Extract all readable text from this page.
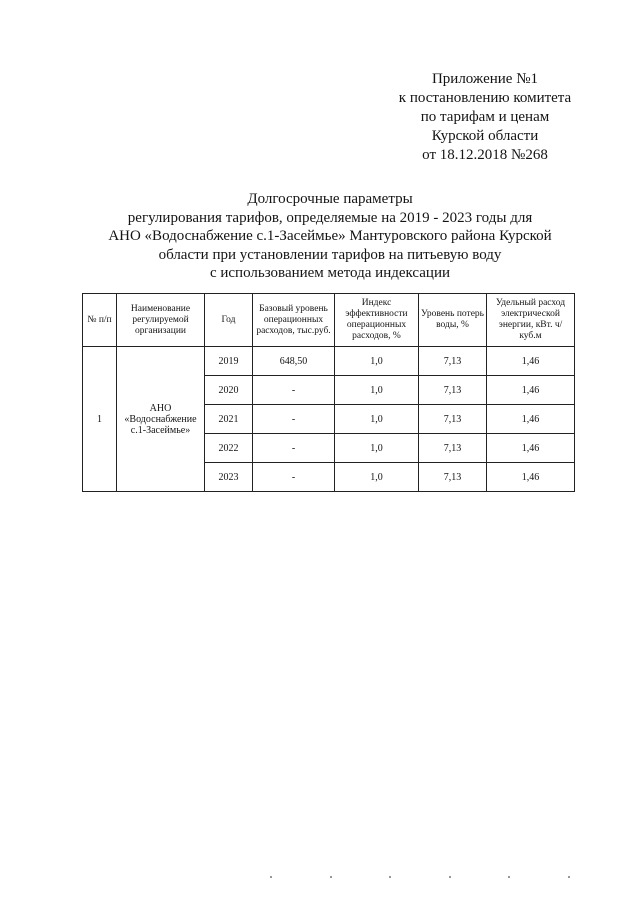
Приложение №1
к постановлению комитета
по тарифам и ценам
Курской области
от 18.12.2018 №268
Долгосрочные параметры
регулирования тарифов, определяемые на 2019 - 2023 годы для
АНО «Водоснабжение с.1-Засеймье» Мантуровского района Курской
области при установлении тарифов на питьевую воду
с использованием метода индексации
№ п/п	Наименование регулируемой организации	Год	Базовый уровень операционных расходов, тыс.руб.	Индекс эффективности операционных расходов, %	Уровень потерь воды, %	Удельный расход электрической энергии, кВт. ч/куб.м
1	АНО «Водоснабжение с.1-Засеймье»	2019	648,50	1,0	7,13	1,46
		2020	-	1,0	7,13	1,46
		2021	-	1,0	7,13	1,46
		2022	-	1,0	7,13	1,46
		2023	-	1,0	7,13	1,46
